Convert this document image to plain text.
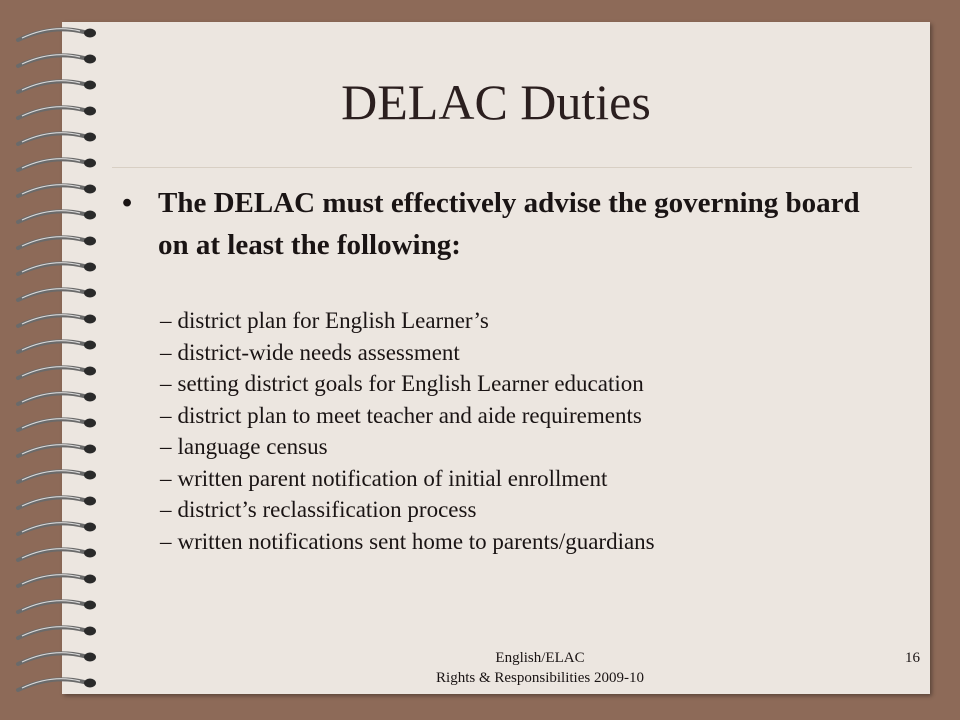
DELAC Duties
• The DELAC must effectively advise the governing board on at least the following:
– district plan for English Learner’s
– district-wide needs assessment
– setting district goals for English Learner education
– district plan to meet teacher and aide requirements
– language census
– written parent notification of initial enrollment
– district’s reclassification process
– written notifications sent home to parents/guardians
English/ELAC
Rights & Responsibilities 2009-10
16
